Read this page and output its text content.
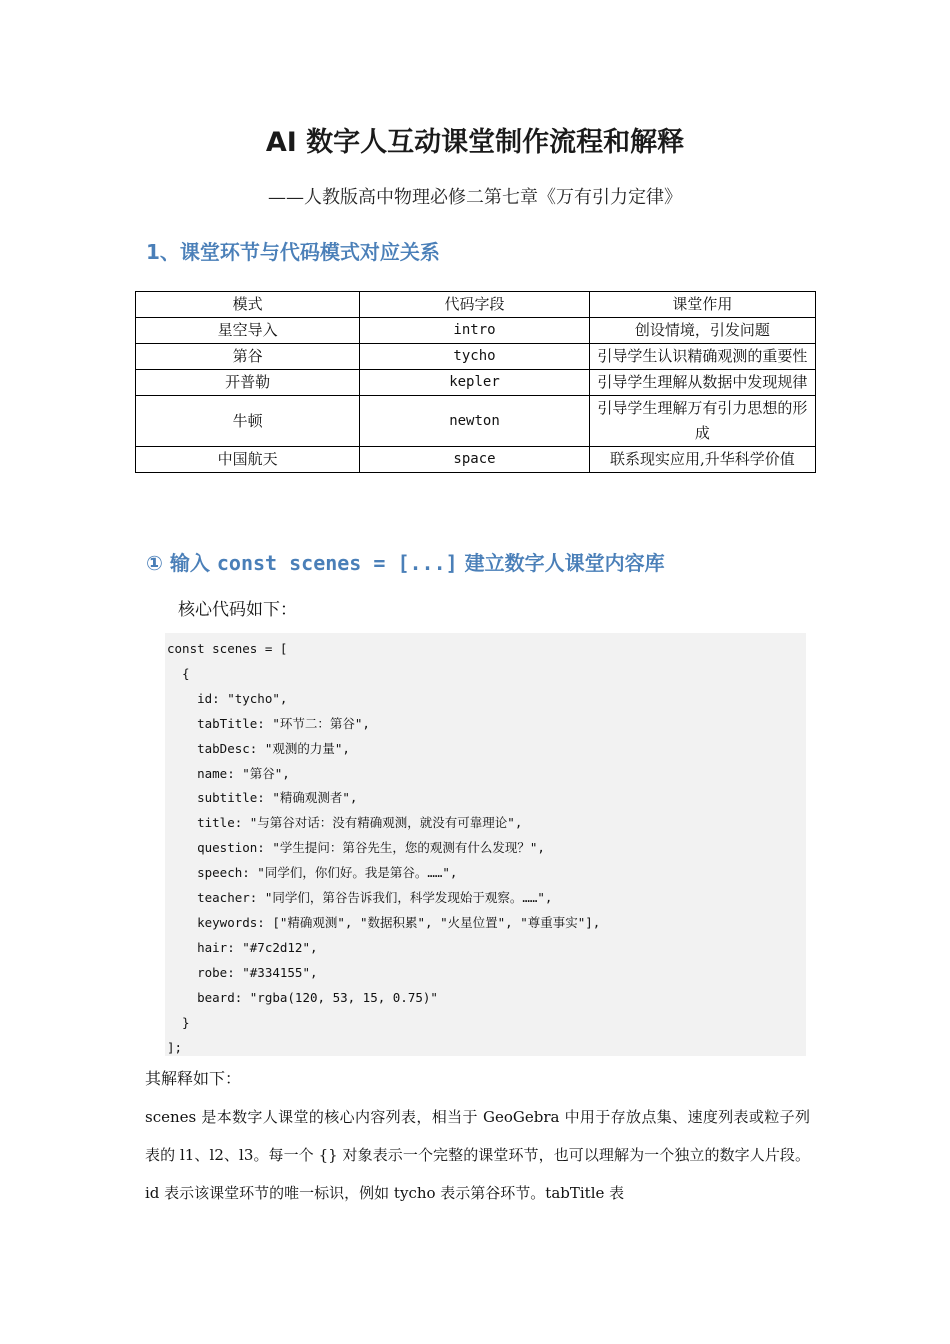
AI 数字人互动课堂制作流程和解释
——人教版高中物理必修二第七章《万有引力定律》
1、课堂环节与代码模式对应关系
模式	代码字段	课堂作用
星空导入	intro	创设情境，引发问题
第谷	tycho	引导学生认识精确观测的重要性
开普勒	kepler	引导学生理解从数据中发现规律
牛顿	newton	引导学生理解万有引力思想的形成
中国航天	space	联系现实应用,升华科学价值
① 输入 const scenes = [...] 建立数字人课堂内容库
核心代码如下：
const scenes = [
{
id: "tycho",
tabTitle: "环节二：第谷",
tabDesc: "观测的力量",
name: "第谷",
subtitle: "精确观测者",
title: "与第谷对话：没有精确观测，就没有可靠理论",
question: "学生提问：第谷先生，您的观测有什么发现？",
speech: "同学们，你们好。我是第谷。……",
teacher: "同学们，第谷告诉我们，科学发现始于观察。……",
keywords: ["精确观测", "数据积累", "火星位置", "尊重事实"],
hair: "#7c2d12",
robe: "#334155",
beard: "rgba(120, 53, 15, 0.75)"
}
];
其解释如下：
scenes 是本数字人课堂的核心内容列表，相当于 GeoGebra 中用于存放点集、速度列表或粒子列表的 l1、l2、l3。每一个 {} 对象表示一个完整的课堂环节，也可以理解为一个独立的数字人片段。id 表示该课堂环节的唯一标识，例如 tycho 表示第谷环节。tabTitle 表
